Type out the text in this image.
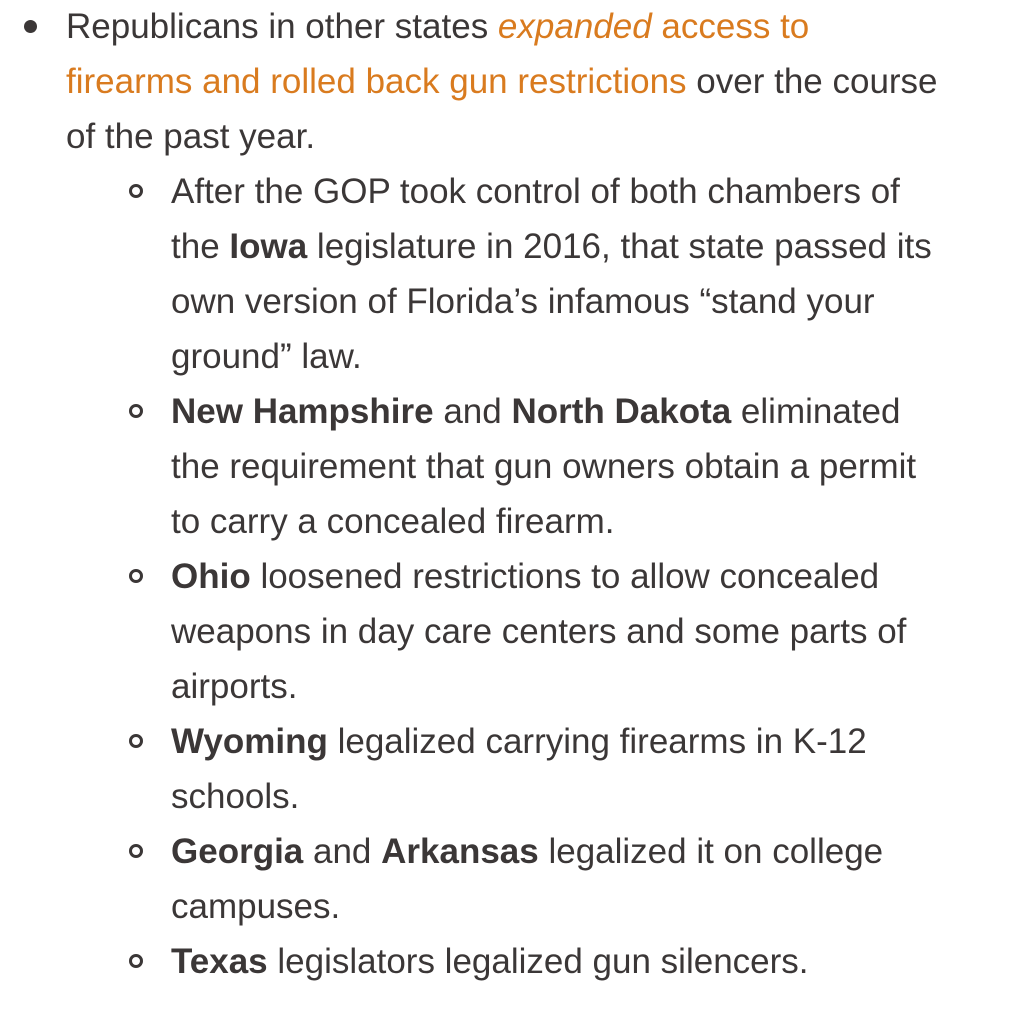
Republicans in other states expanded access to firearms and rolled back gun restrictions over the course of the past year.
After the GOP took control of both chambers of the Iowa legislature in 2016, that state passed its own version of Florida’s infamous “stand your ground” law.
New Hampshire and North Dakota eliminated the requirement that gun owners obtain a permit to carry a concealed firearm.
Ohio loosened restrictions to allow concealed weapons in day care centers and some parts of airports.
Wyoming legalized carrying firearms in K-12 schools.
Georgia and Arkansas legalized it on college campuses.
Texas legislators legalized gun silencers.
